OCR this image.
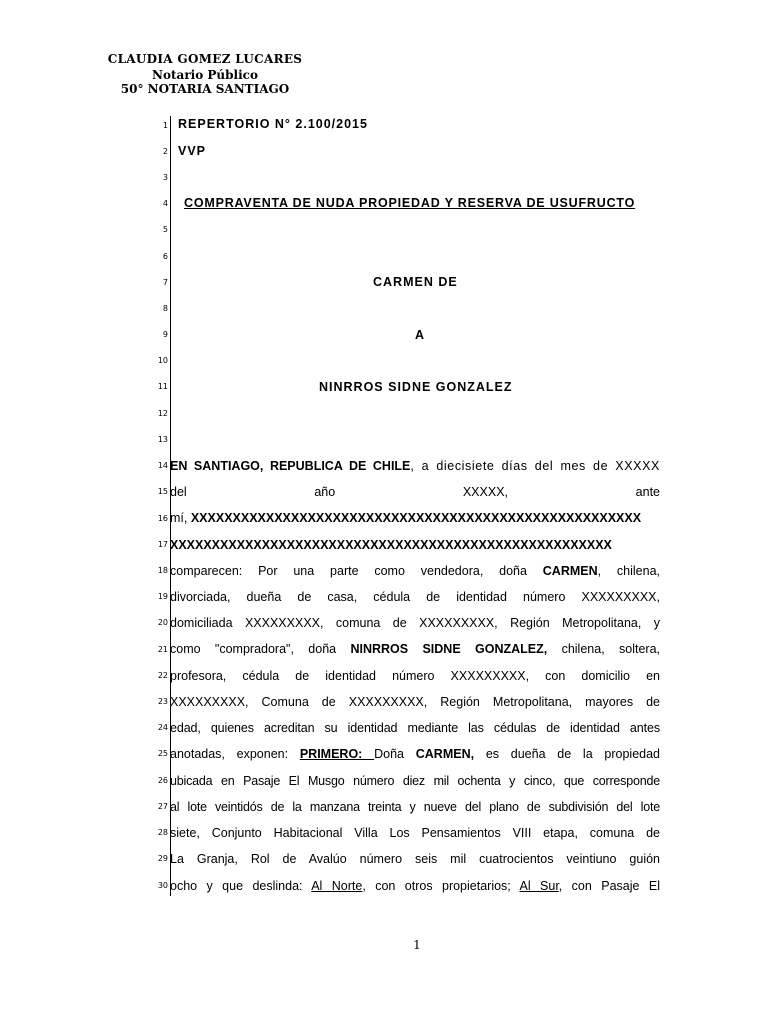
CLAUDIA GOMEZ LUCARES
Notario Público
50° NOTARIA SANTIAGO
1
2
3
4
5
6
7
8
9
10
11
12
13
14
15
16
17
18
19
20
21
22
23
24
25
26
27
28
29
30
REPERTORIO N° 2.100/2015
VVP
COMPRAVENTA DE NUDA PROPIEDAD Y RESERVA DE USUFRUCTO
CARMEN DE
A
NINRROS SIDNE GONZALEZ
EN SANTIAGO, REPUBLICA DE CHILE, a diecisiete días del mes de XXXXX
del año XXXXX, ante
mí, XXXXXXXXXXXXXXXXXXXXXXXXXXXXXXXXXXXXXXXXXXXXXXXXXXXXXX
XXXXXXXXXXXXXXXXXXXXXXXXXXXXXXXXXXXXXXXXXXXXXXXXXXXXX
comparecen: Por una parte como vendedora, doña CARMEN, chilena,
divorciada, dueña de casa, cédula de identidad número XXXXXXXXX,
domiciliada XXXXXXXXX, comuna de XXXXXXXXX, Región Metropolitana, y
como "compradora", doña NINRROS SIDNE GONZALEZ, chilena, soltera,
profesora, cédula de identidad número XXXXXXXXX, con domicilio en
XXXXXXXXX, Comuna de XXXXXXXXX, Región Metropolitana, mayores de
edad, quienes acreditan su identidad mediante las cédulas de identidad antes
anotadas, exponen: PRIMERO: Doña CARMEN, es dueña de la propiedad
ubicada en Pasaje El Musgo número diez mil ochenta y cinco, que corresponde
al lote veintidós de la manzana treinta y nueve del plano de subdivisión del lote
siete, Conjunto Habitacional Villa Los Pensamientos VIII etapa, comuna de
La Granja, Rol de Avalúo número seis mil cuatrocientos veintiuno guión
ocho y que deslinda: Al Norte, con otros propietarios; Al Sur, con Pasaje El
1
